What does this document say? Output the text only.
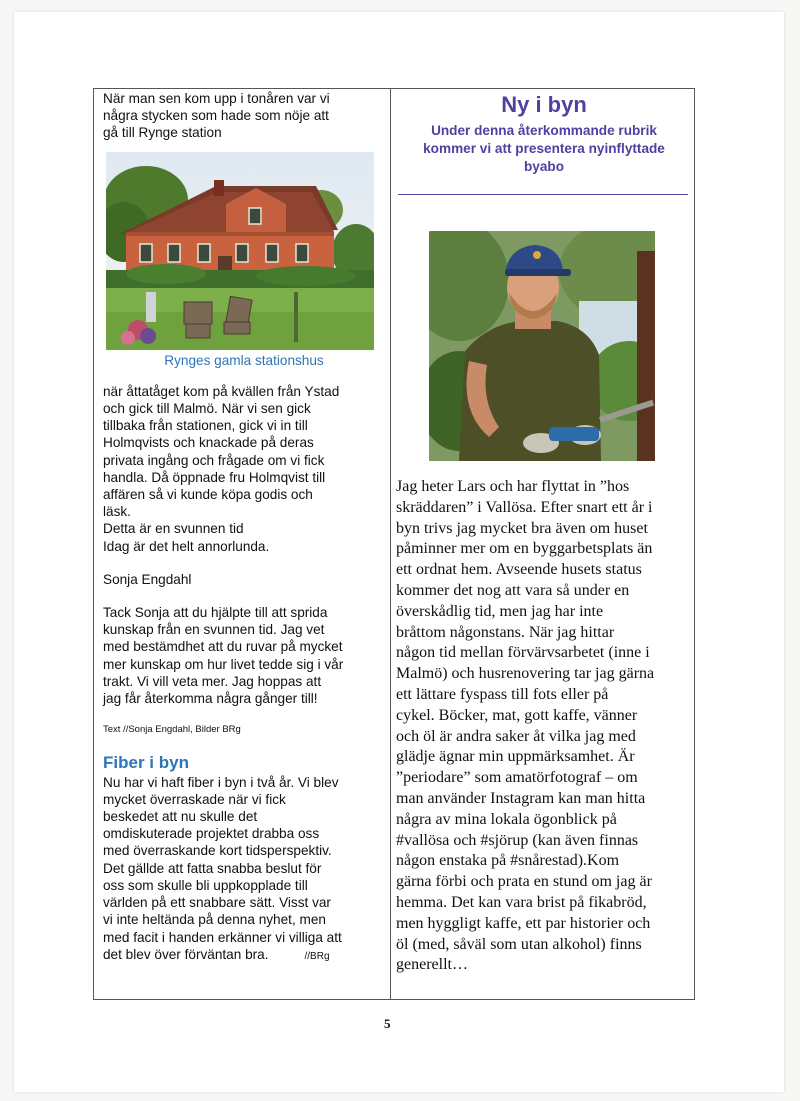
När man sen kom upp i tonåren var vi
några stycken som hade som nöje att
gå till Rynge station

Rynges gamla stationshus

när åttatåget kom på kvällen från Ystad

och gick till Malmö. När vi sen gick

tillbaka från stationen, gick vi in till

Holmqvists och knackade på deras

privata ingång och frågade om vi fick

handla. Då öppnade fru Holmqvist till

affären så vi kunde köpa godis och

läsk.

Detta är en svunnen tid

Idag är det helt annorlunda.

Sonja Engdahl

Tack Sonja att du hjälpte till att sprida

kunskap från en svunnen tid. Jag vet

med bestämdhet att du ruvar på mycket

mer kunskap om hur livet tedde sig i vår

trakt. Vi vill veta mer. Jag hoppas att

jag får återkomma några gånger till!

Text //Sonja Engdahl, Bilder BRg

Fiber i byn

Nu har vi haft fiber i byn i två år. Vi blev

mycket överraskade när vi fick

beskedet att nu skulle det

omdiskuterade projektet drabba oss

med överraskande kort tidsperspektiv.

Det gällde att fatta snabba beslut för

oss som skulle bli uppkopplade till

världen på ett snabbare sätt. Visst var

vi inte heltända på denna nyhet, men

med facit i handen erkänner vi villiga att

det blev över förväntan bra.	//BRg

Ny i byn

Under denna återkommande rubrik
kommer vi att presentera nyinflyttade
byabo

Jag heter Lars och har flyttat in ”hos
skräddaren” i Vallösa. Efter snart ett år i
byn trivs jag mycket bra även om huset
påminner mer om en byggarbetsplats än
ett ordnat hem. Avseende husets status
kommer det nog att vara så under en
överskådlig tid, men jag har inte
bråttom någonstans. När jag hittar
någon tid mellan förvärvsarbetet (inne i
Malmö) och husrenovering tar jag gärna
ett lättare fyspass till fots eller på
cykel. Böcker, mat, gott kaffe, vänner
och öl är andra saker åt vilka jag med
glädje ägnar min uppmärksamhet. Är
”periodare” som amatörfotograf – om
man använder Instagram kan man hitta
några av mina lokala ögonblick på
#vallösa och #sjörup (kan även finnas
någon enstaka på #snårestad).Kom
gärna förbi och prata en stund om jag är
hemma. Det kan vara brist på fikabröd,
men hyggligt kaffe, ett par historier och
öl (med, såväl som utan alkohol) finns
generellt…
5
